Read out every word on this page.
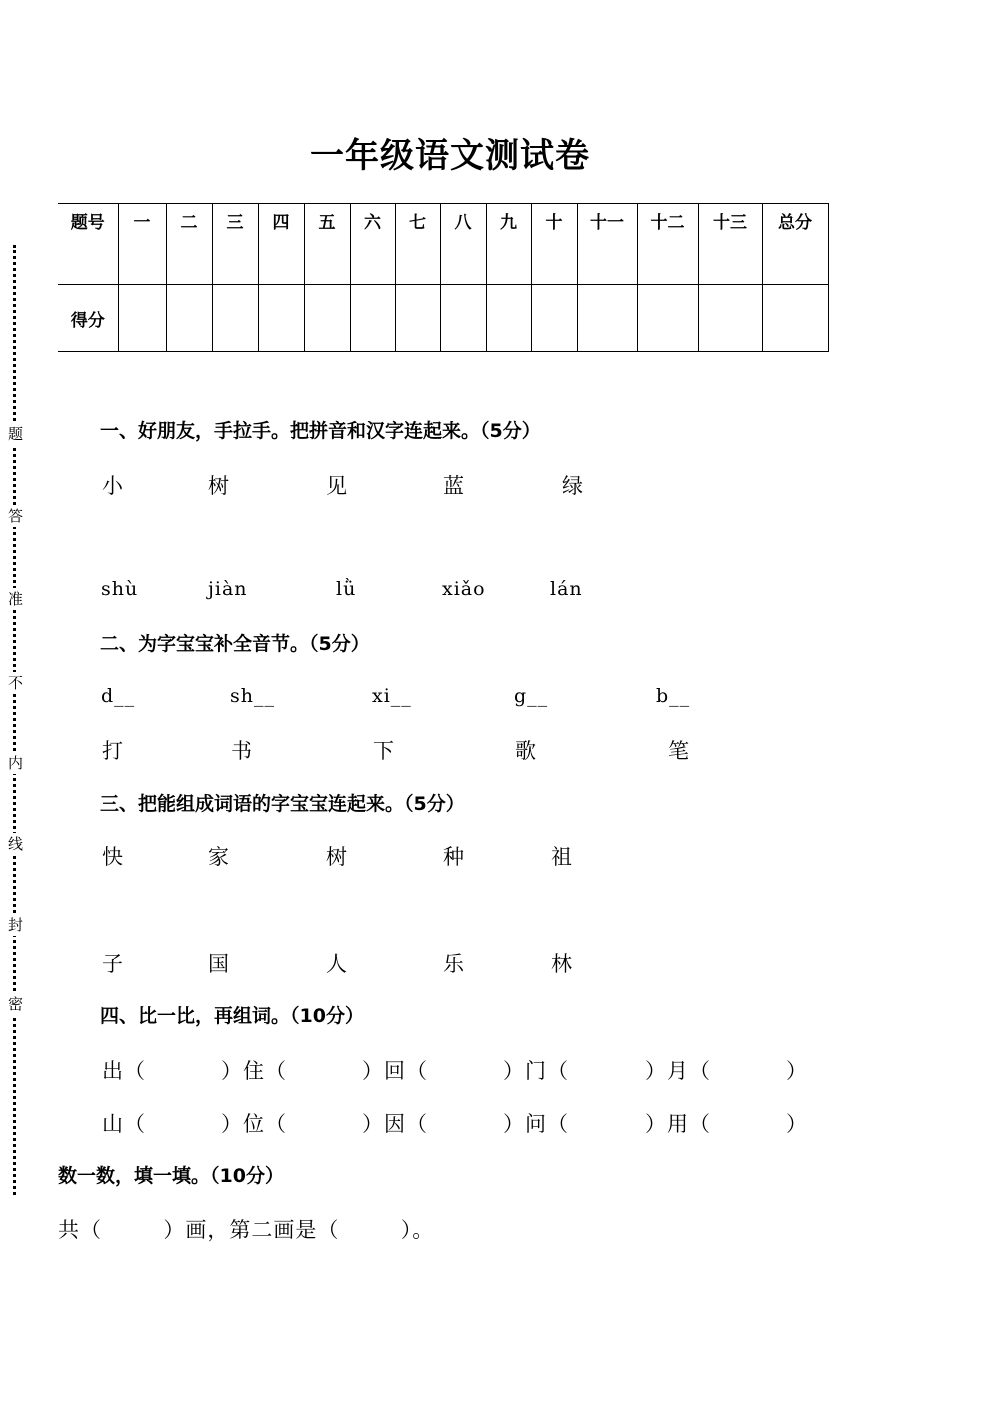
题
答
准
不
内
线
封
密
一年级语文测试卷
题号	一	二	三	四	五	六	七	八	九	十	十一	十二	十三	总分
得分														
一、好朋友，手拉手。把拼音和汉字连起来。（5分）
小	树	见	蓝	绿
shù	jiàn	lǜ	xiǎo	lán
二、为字宝宝补全音节。（5分）
d__	sh__	xi__	g__	b__
打	书	下	歌	笔
三、把能组成词语的字宝宝连起来。（5分）
快	家	树	种	祖
子	国	人	乐	林
四、比一比，再组词。（10分）
出（	）住（	）回（	）门（	）月（	）
山（	）位（	）因（	）问（	）用（	）
数一数，填一填。（10分）
共（        ）画，第二画是（        ）。
